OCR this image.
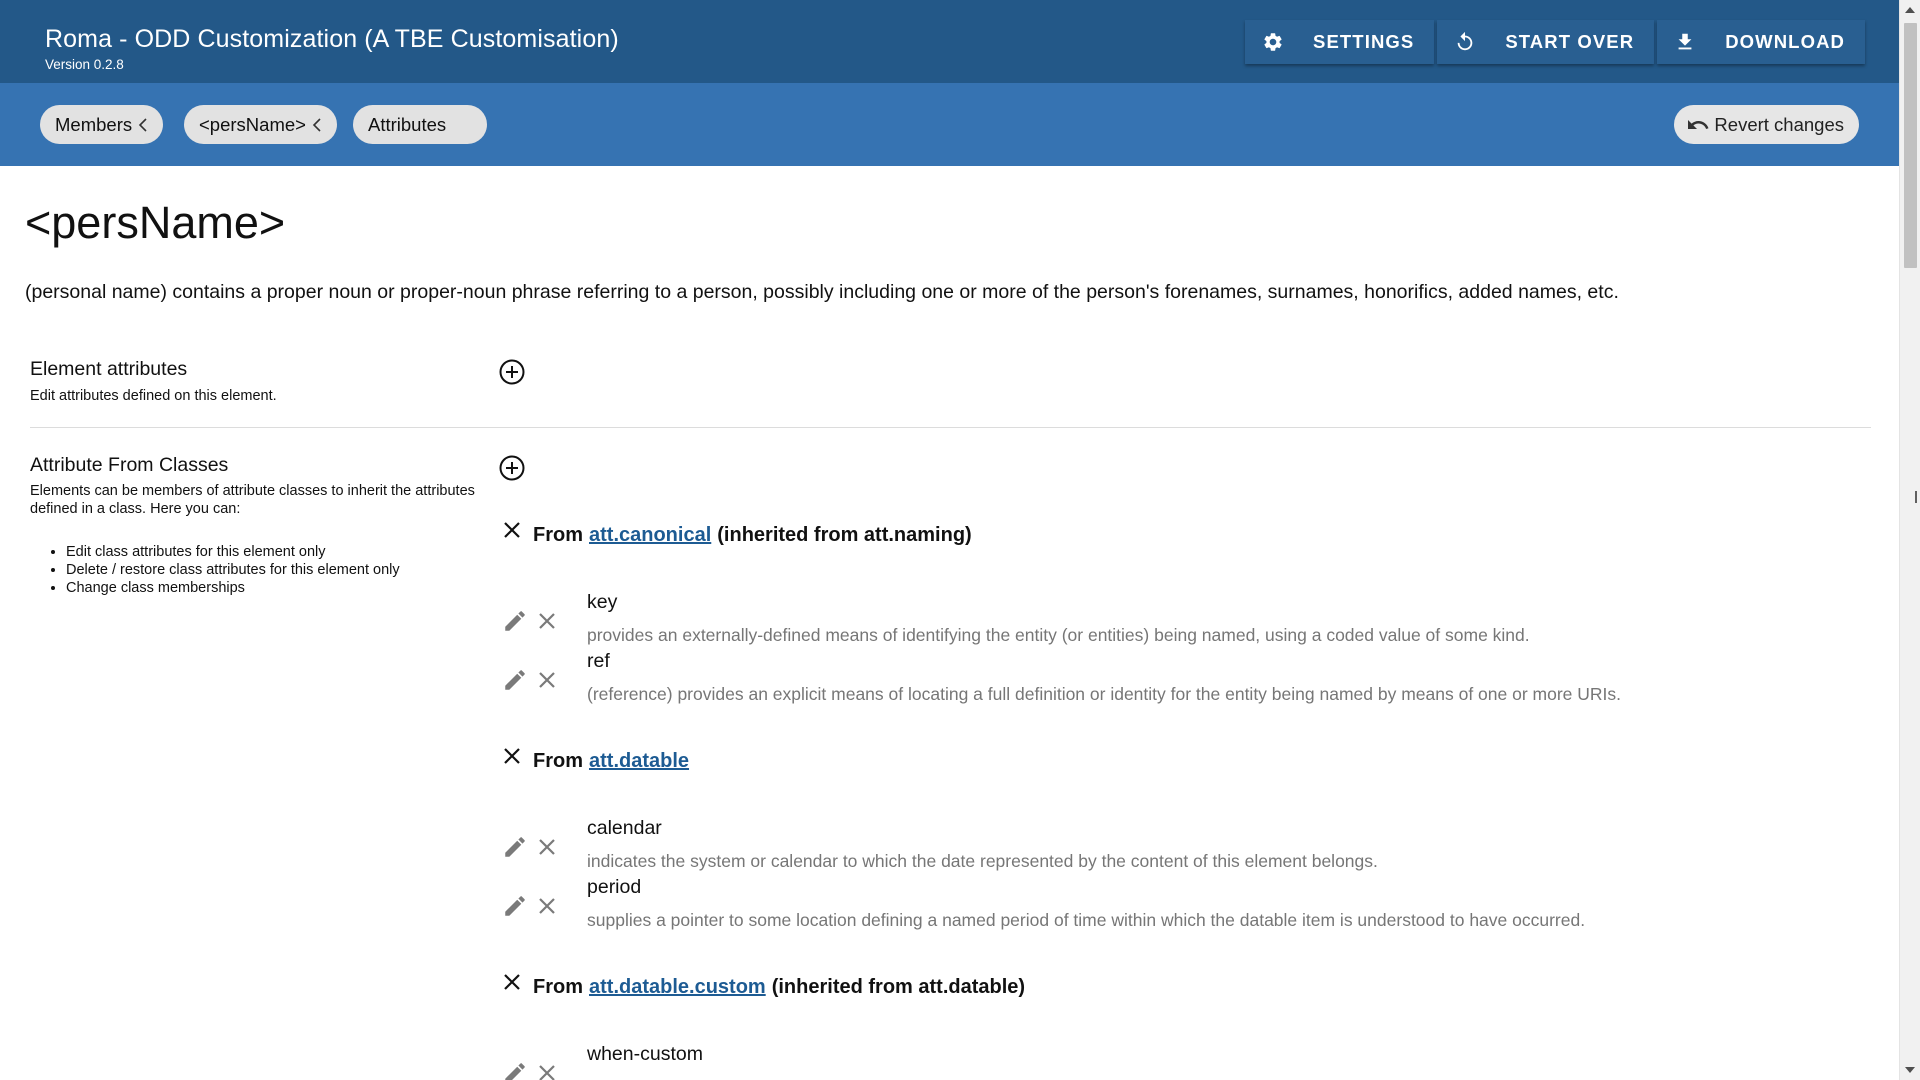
Roma - ODD Customization (A TBE Customisation)
Version 0.2.8
SETTINGS	START OVER	DOWNLOAD
Members	<persName>	Attributes	Revert changes
<persName>
(personal name) contains a proper noun or proper-noun phrase referring to a person, possibly including one or more of the person's forenames, surnames, honorifics, added names, etc.
Element attributes
Edit attributes defined on this element.
Attribute From Classes
Elements can be members of attribute classes to inherit the attributes defined in a class. Here you can:
• Edit class attributes for this element only
• Delete / restore class attributes for this element only
• Change class memberships
From att.canonical (inherited from att.naming)
key
provides an externally-defined means of identifying the entity (or entities) being named, using a coded value of some kind.
ref
(reference) provides an explicit means of locating a full definition or identity for the entity being named by means of one or more URIs.
From att.datable
calendar
indicates the system or calendar to which the date represented by the content of this element belongs.
period
supplies a pointer to some location defining a named period of time within which the datable item is understood to have occurred.
From att.datable.custom (inherited from att.datable)
when-custom
